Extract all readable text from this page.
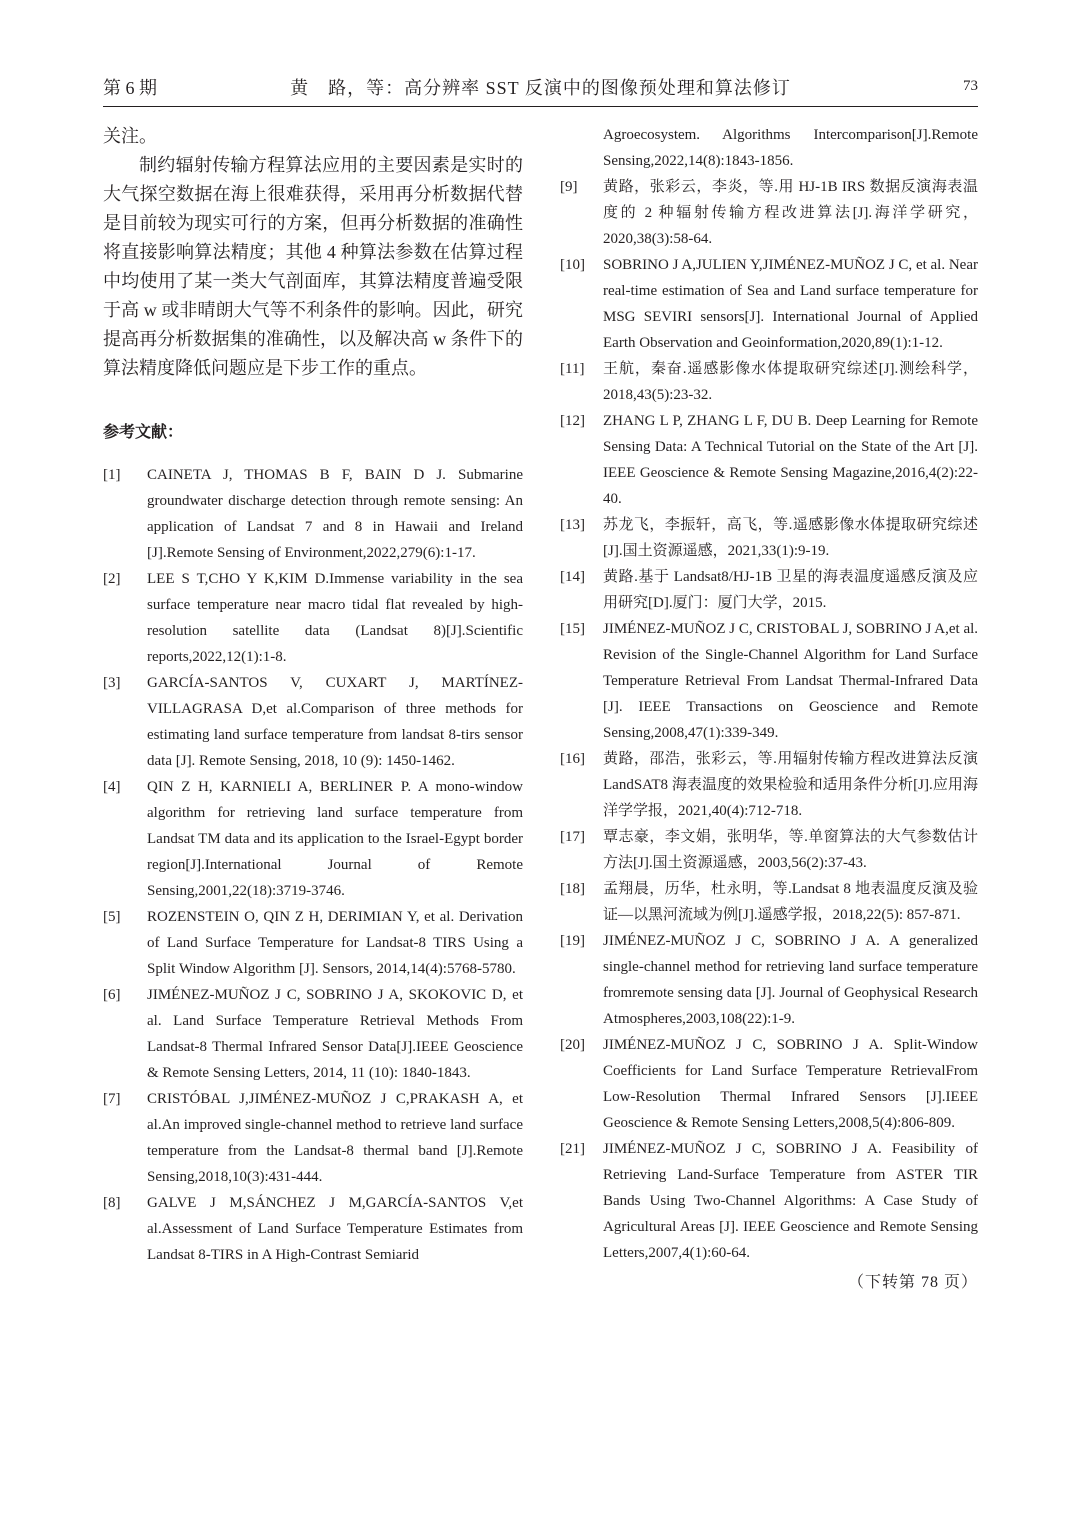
第 6 期	黄　路，等：高分辨率 SST 反演中的图像预处理和算法修订	73

关注。

制约辐射传输方程算法应用的主要因素是实时的大气探空数据在海上很难获得，采用再分析数据代替是目前较为现实可行的方案，但再分析数据的准确性将直接影响算法精度；其他 4 种算法参数在估算过程中均使用了某一类大气剖面库，其算法精度普遍受限于高 w 或非晴朗大气等不利条件的影响。因此，研究提高再分析数据集的准确性，以及解决高 w 条件下的算法精度降低问题应是下步工作的重点。

参考文献：
[1]	CAINETA J, THOMAS B F, BAIN D J. Submarine groundwater discharge detection through remote sensing: An application of Landsat 7 and 8 in Hawaii and Ireland [J].Remote Sensing of Environment,2022,279(6):1-17.
[2]	LEE S T,CHO Y K,KIM D.Immense variability in the sea surface temperature near macro tidal flat revealed by high-resolution satellite data (Landsat 8)[J].Scientific reports,2022,12(1):1-8.
[3]	GARCÍA-SANTOS V, CUXART J, MARTÍNEZ-VILLAGRASA D,et al.Comparison of three methods for estimating land surface temperature from landsat 8-tirs sensor data [J]. Remote Sensing, 2018, 10 (9): 1450-1462.
[4]	QIN Z H, KARNIELI A, BERLINER P. A mono-window algorithm for retrieving land surface temperature from Landsat TM data and its application to the Israel-Egypt border region[J].International Journal of Remote Sensing,2001,22(18):3719-3746.
[5]	ROZENSTEIN O, QIN Z H, DERIMIAN Y, et al. Derivation of Land Surface Temperature for Landsat-8 TIRS Using a Split Window Algorithm [J]. Sensors, 2014,14(4):5768-5780.
[6]	JIMÉNEZ-MUÑOZ J C, SOBRINO J A, SKOKOVIC D, et al. Land Surface Temperature Retrieval Methods From Landsat-8 Thermal Infrared Sensor Data[J].IEEE Geoscience & Remote Sensing Letters, 2014, 11 (10): 1840-1843.
[7]	CRISTÓBAL J,JIMÉNEZ-MUÑOZ J C,PRAKASH A, et al.An improved single-channel method to retrieve land surface temperature from the Landsat-8 thermal band [J].Remote Sensing,2018,10(3):431-444.
[8]	GALVE J M,SÁNCHEZ J M,GARCÍA-SANTOS V,et al.Assessment of Land Surface Temperature Estimates from Landsat 8-TIRS in A High-Contrast Semiarid
Agroecosystem. Algorithms Intercomparison[J].Remote Sensing,2022,14(8):1843-1856.
[9]	黄路，张彩云，李炎，等.用 HJ-1B IRS 数据反演海表温度的 2 种辐射传输方程改进算法[J].海洋学研究，2020,38(3):58-64.
[10]	SOBRINO J A,JULIEN Y,JIMÉNEZ-MUÑOZ J C, et al. Near real-time estimation of Sea and Land surface temperature for MSG SEVIRI sensors[J]. International Journal of Applied Earth Observation and Geoinformation,2020,89(1):1-12.
[11]	王航，秦奋.遥感影像水体提取研究综述[J].测绘科学，2018,43(5):23-32.
[12]	ZHANG L P, ZHANG L F, DU B. Deep Learning for Remote Sensing Data: A Technical Tutorial on the State of the Art [J]. IEEE Geoscience & Remote Sensing Magazine,2016,4(2):22-40.
[13]	苏龙飞，李振轩，高飞，等.遥感影像水体提取研究综述[J].国土资源遥感，2021,33(1):9-19.
[14]	黄路.基于 Landsat8/HJ-1B 卫星的海表温度遥感反演及应用研究[D].厦门：厦门大学，2015.
[15]	JIMÉNEZ-MUÑOZ J C, CRISTOBAL J, SOBRINO J A,et al. Revision of the Single-Channel Algorithm for Land Surface Temperature Retrieval From Landsat Thermal-Infrared Data [J]. IEEE Transactions on Geoscience and Remote Sensing,2008,47(1):339-349.
[16]	黄路，邵浩，张彩云，等.用辐射传输方程改进算法反演 LandSAT8 海表温度的效果检验和适用条件分析[J].应用海洋学学报，2021,40(4):712-718.
[17]	覃志豪，李文娟，张明华，等.单窗算法的大气参数估计方法[J].国土资源遥感，2003,56(2):37-43.
[18]	孟翔晨，历华，杜永明，等.Landsat 8 地表温度反演及验证—以黑河流域为例[J].遥感学报，2018,22(5): 857-871.
[19]	JIMÉNEZ-MUÑOZ J C, SOBRINO J A. A generalized single-channel method for retrieving land surface temperature fromremote sensing data [J]. Journal of Geophysical Research Atmospheres,2003,108(22):1-9.
[20]	JIMÉNEZ-MUÑOZ J C, SOBRINO J A. Split-Window Coefficients for Land Surface Temperature RetrievalFrom Low-Resolution Thermal Infrared Sensors [J].IEEE Geoscience & Remote Sensing Letters,2008,5(4):806-809.
[21]	JIMÉNEZ-MUÑOZ J C, SOBRINO J A. Feasibility of Retrieving Land-Surface Temperature from ASTER TIR Bands Using Two-Channel Algorithms: A Case Study of Agricultural Areas [J]. IEEE Geoscience and Remote Sensing Letters,2007,4(1):60-64.
（下转第 78 页）
